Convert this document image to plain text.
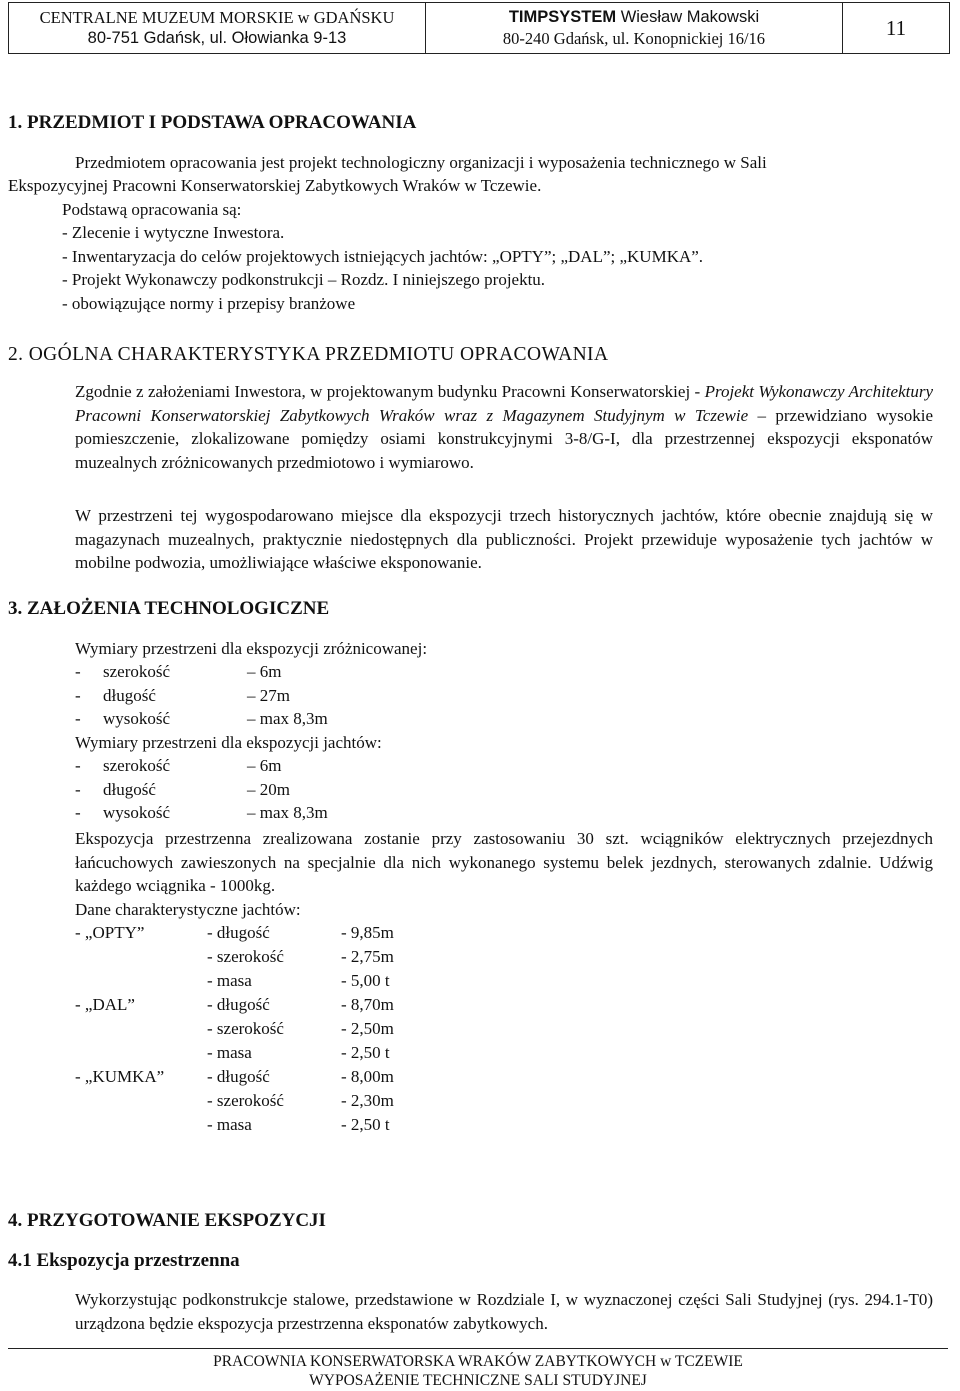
CENTRALNE MUZEUM MORSKIE w GDAŃSKU
80-751 Gdańsk, ul. Ołowianka 9-13
TIMPSYSTEM Wiesław Makowski
80-240 Gdańsk, ul. Konopnickiej 16/16	11
1. PRZEDMIOT I PODSTAWA OPRACOWANIA
Przedmiotem opracowania jest projekt technologiczny organizacji i wyposażenia technicznego w Sali
Ekspozycyjnej Pracowni Konserwatorskiej Zabytkowych Wraków w Tczewie.
Podstawą opracowania są:
- Zlecenie i wytyczne Inwestora.
- Inwentaryzacja do celów projektowych istniejących jachtów: „OPTY”; „DAL”; „KUMKA”.
- Projekt Wykonawczy podkonstrukcji – Rozdz. I niniejszego projektu.
- obowiązujące normy i przepisy branżowe
2. OGÓLNA CHARAKTERYSTYKA PRZEDMIOTU OPRACOWANIA
Zgodnie z założeniami Inwestora, w projektowanym budynku Pracowni Konserwatorskiej - Projekt Wykonawczy Architektury Pracowni Konserwatorskiej Zabytkowych Wraków wraz z Magazynem Studyjnym w Tczewie – przewidziano wysokie pomieszczenie, zlokalizowane pomiędzy osiami konstrukcyjnymi 3-8/G-I, dla przestrzennej ekspozycji eksponatów muzealnych zróżnicowanych przedmiotowo i wymiarowo.
W przestrzeni tej wygospodarowano miejsce dla ekspozycji trzech historycznych jachtów, które obecnie znajdują się w magazynach muzealnych, praktycznie niedostępnych dla publiczności. Projekt przewiduje wyposażenie tych jachtów w mobilne podwozia, umożliwiające właściwe eksponowanie.
3. ZAŁOŻENIA TECHNOLOGICZNE
Wymiary przestrzeni dla ekspozycji zróżnicowanej:
-
-
-
szerokość
długość
wysokość
– 6m
– 27m
– max 8,3m
Wymiary przestrzeni dla ekspozycji jachtów:
-
-
-
szerokość
długość
wysokość
– 6m
– 20m
– max 8,3m
Ekspozycja przestrzenna zrealizowana zostanie przy zastosowaniu 30 szt. wciągników elektrycznych przejezdnych łańcuchowych zawieszonych na specjalnie dla nich wykonanego systemu belek jezdnych, sterowanych zdalnie. Udźwig każdego wciągnika - 1000kg.
Dane charakterystyczne jachtów:
- „OPTY”
- „DAL”
- „KUMKA”
- długość
- szerokość
- masa
- długość
- szerokość
- masa
- długość
- szerokość
- masa
- 9,85m
- 2,75m
- 5,00 t
- 8,70m
- 2,50m
- 2,50 t
- 8,00m
- 2,30m
- 2,50 t
4. PRZYGOTOWANIE EKSPOZYCJI
4.1 Ekspozycja przestrzenna
Wykorzystując podkonstrukcje stalowe, przedstawione w Rozdziale I, w wyznaczonej części Sali Studyjnej (rys. 294.1-T0) urządzona będzie ekspozycja przestrzenna eksponatów zabytkowych.
PRACOWNIA KONSERWATORSKA WRAKÓW ZABYTKOWYCH w TCZEWIE
WYPOSAŻENIE TECHNICZNE SALI STUDYJNEJ
